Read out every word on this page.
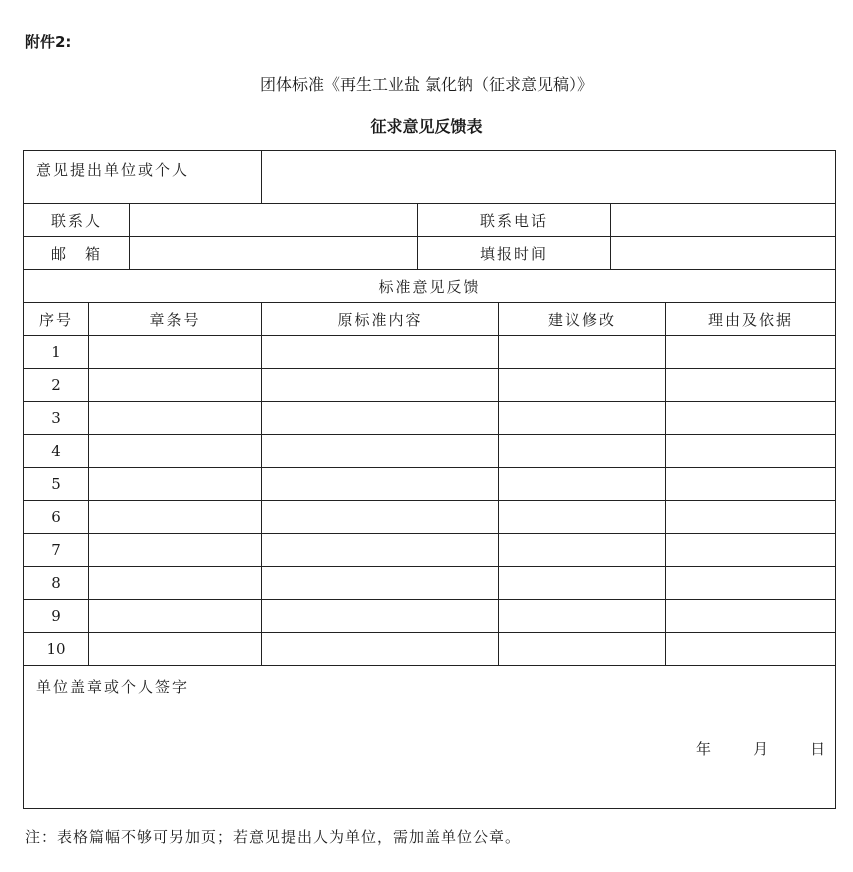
附件2:
团体标准《再生工业盐 氯化钠（征求意见稿）》
征求意见反馈表
意见提出单位或个人							
联系人				联系电话			
邮　箱				填报时间			
标准意见反馈							
序号	章条号		原标准内容		建议修改		理由及依据
1							
2							
3							
4							
5							
6							
7							
8							
9							
10							

单位盖章或个人签字
年 月 日							
注：表格篇幅不够可另加页；若意见提出人为单位，需加盖单位公章。
